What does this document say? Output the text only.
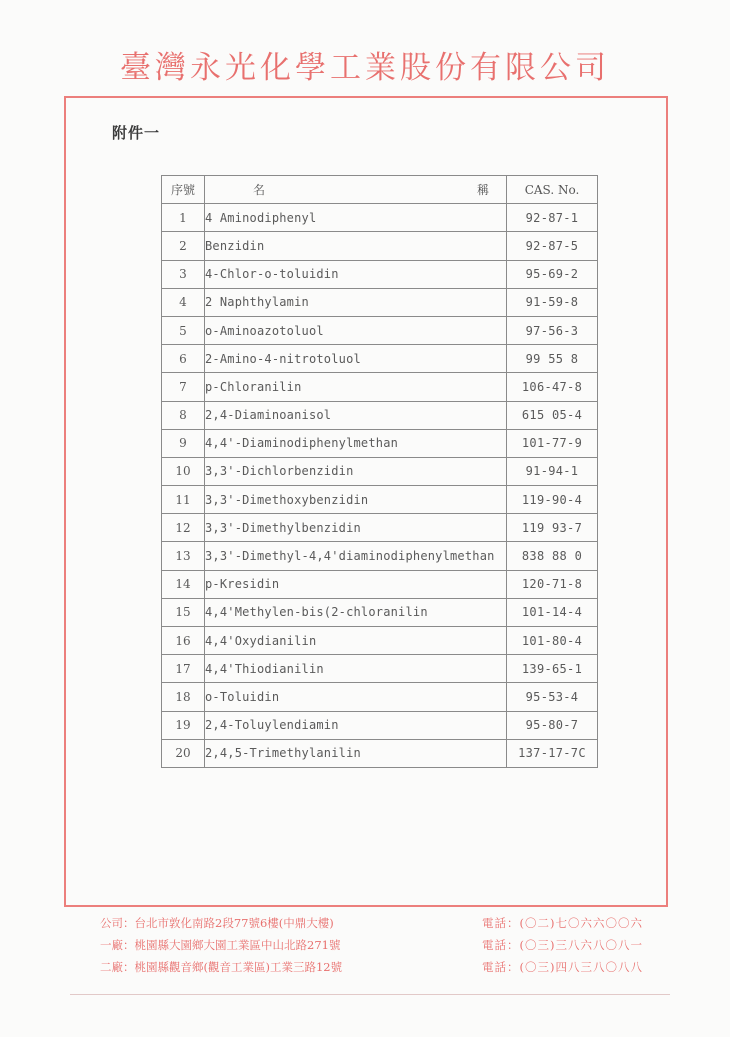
臺灣永光化學工業股份有限公司
附件一
序號	名 稱	CAS. No.
1	4 Aminodiphenyl	92-87-1
2	Benzidin	92-87-5
3	4-Chlor-o-toluidin	95-69-2
4	2 Naphthylamin	91-59-8
5	o-Aminoazotoluol	97-56-3
6	2-Amino-4-nitrotoluol	99 55 8
7	p-Chloranilin	106-47-8
8	2,4-Diaminoanisol	615 05-4
9	4,4'-Diaminodiphenylmethan	101-77-9
10	3,3'-Dichlorbenzidin	91-94-1
11	3,3'-Dimethoxybenzidin	119-90-4
12	3,3'-Dimethylbenzidin	119 93-7
13	3,3'-Dimethyl-4,4'diaminodiphenylmethan	838 88 0
14	p-Kresidin	120-71-8
15	4,4'Methylen-bis(2-chloranilin	101-14-4
16	4,4'Oxydianilin	101-80-4
17	4,4'Thiodianilin	139-65-1
18	o-Toluidin	95-53-4
19	2,4-Toluylendiamin	95-80-7
20	2,4,5-Trimethylanilin	137-17-7C
公司：台北市敦化南路2段77號6樓(中鼎大樓)
一廠：桃園縣大園鄉大園工業區中山北路271號
二廠：桃園縣觀音鄉(觀音工業區)工業三路12號
電話：(〇二)七〇六六〇〇六
電話：(〇三)三八六八〇八一
電話：(〇三)四八三八〇八八
